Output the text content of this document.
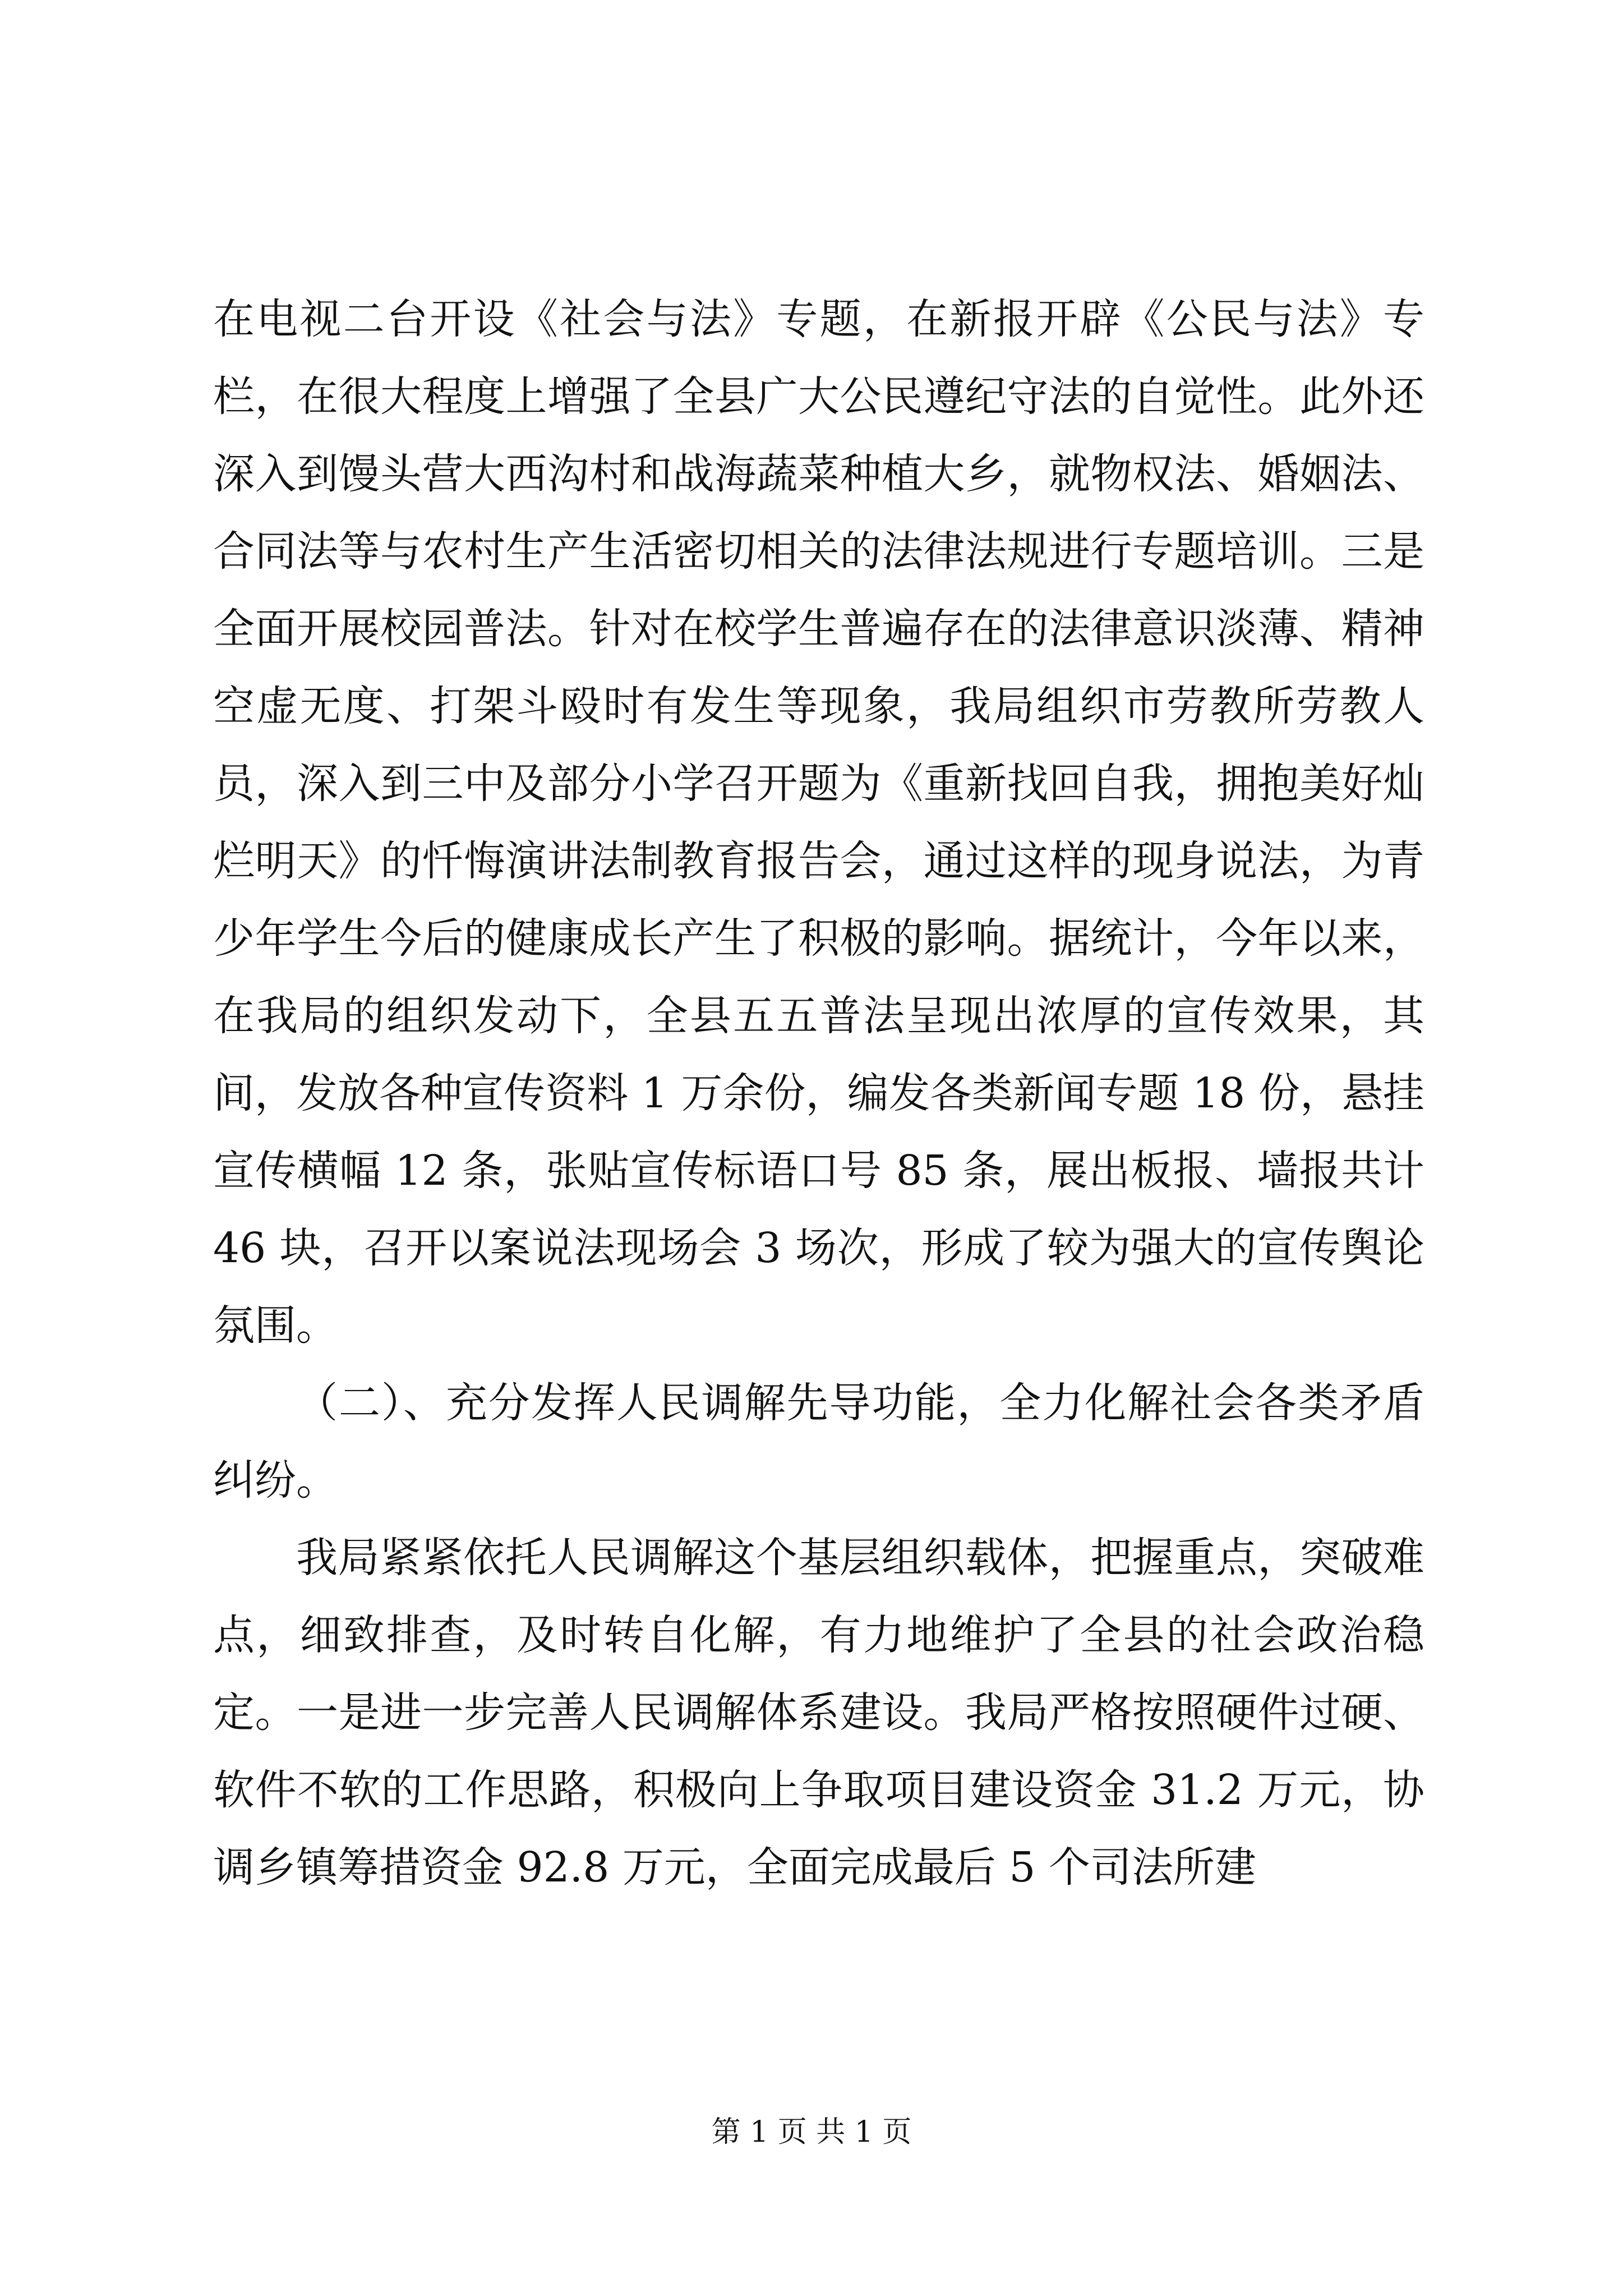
在电视二台开设《社会与法》专题，在新报开辟《公民与法》专栏，在很大程度上增强了全县广大公民遵纪守法的自觉性。此外还深入到馒头营大西沟村和战海蔬菜种植大乡，就物权法、婚姻法、合同法等与农村生产生活密切相关的法律法规进行专题培训。三是全面开展校园普法。针对在校学生普遍存在的法律意识淡薄、精神空虚无度、打架斗殴时有发生等现象，我局组织市劳教所劳教人员，深入到三中及部分小学召开题为《重新找回自我，拥抱美好灿烂明天》的忏悔演讲法制教育报告会，通过这样的现身说法，为青少年学生今后的健康成长产生了积极的影响。据统计，今年以来，在我局的组织发动下，全县五五普法呈现出浓厚的宣传效果，其间，发放各种宣传资料 1 万余份，编发各类新闻专题 18 份，悬挂宣传横幅 12 条，张贴宣传标语口号 85 条，展出板报、墙报共计 46 块，召开以案说法现场会 3 场次，形成了较为强大的宣传舆论氛围。

（二）、充分发挥人民调解先导功能，全力化解社会各类矛盾纠纷。

我局紧紧依托人民调解这个基层组织载体，把握重点，突破难点，细致排查，及时转自化解，有力地维护了全县的社会政治稳定。一是进一步完善人民调解体系建设。我局严格按照硬件过硬、软件不软的工作思路，积极向上争取项目建设资金 31.2 万元，协调乡镇筹措资金 92.8 万元，全面完成最后 5 个司法所建

第 1 页 共 1 页
